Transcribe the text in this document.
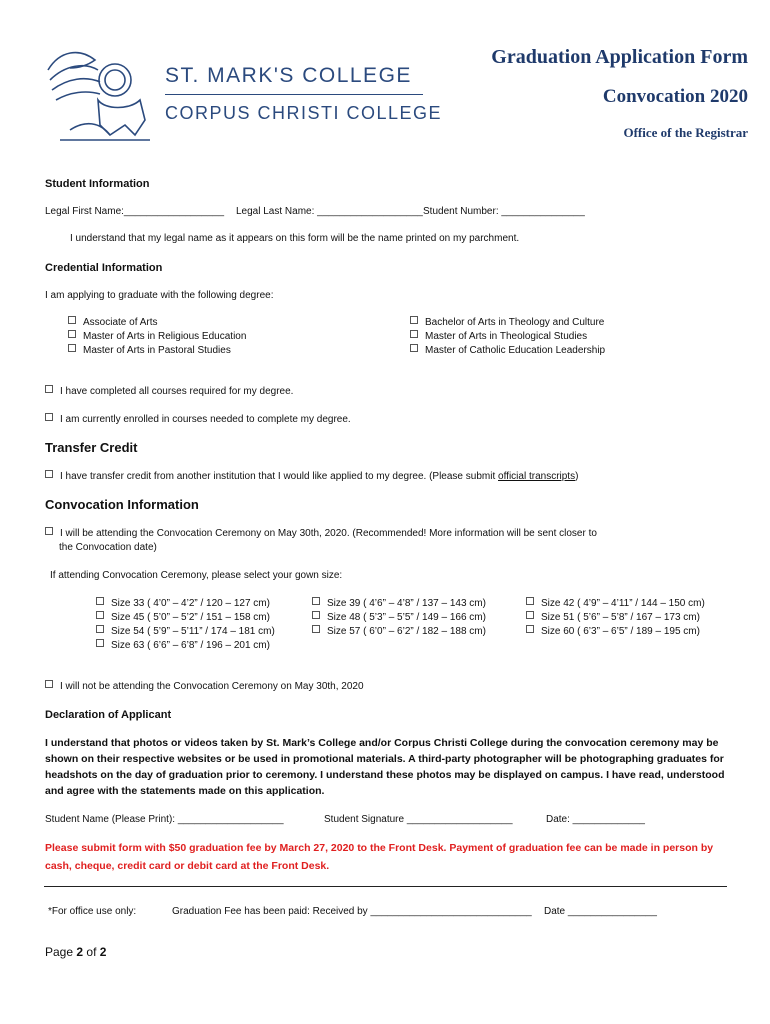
ST. MARK'S COLLEGE
CORPUS CHRISTI COLLEGE
Graduation Application Form
Convocation 2020
Office of the Registrar
Student Information
Legal First Name:__________________ Legal Last Name: ___________________ Student Number: _______________
I understand that my legal name as it appears on this form will be the name printed on my parchment.
Credential Information
I am applying to graduate with the following degree:
Associate of Arts
Master of Arts in Religious Education
Master of Arts in Pastoral Studies
Bachelor of Arts in Theology and Culture
Master of Arts in Theological Studies
Master of Catholic Education Leadership
I have completed all courses required for my degree.
I am currently enrolled in courses needed to complete my degree.
Transfer Credit
I have transfer credit from another institution that I would like applied to my degree. (Please submit official transcripts)
Convocation Information
I will be attending the Convocation Ceremony on May 30th, 2020. (Recommended! More information will be sent closer to
the Convocation date)
If attending Convocation Ceremony, please select your gown size:
Size 33 ( 4’0” – 4’2” / 120 – 127 cm)
Size 45 ( 5’0” – 5’2” / 151 – 158 cm)
Size 54 ( 5’9” – 5’11” / 174 – 181 cm)
Size 63 ( 6’6” – 6’8” / 196 – 201 cm)
Size 39 ( 4’6” – 4’8” / 137 – 143 cm)
Size 48 ( 5’3” – 5’5” / 149 – 166 cm)
Size 57 ( 6’0” – 6’2” / 182 – 188 cm)
Size 42 ( 4’9” – 4’11” / 144 – 150 cm)
Size 51 ( 5’6” – 5’8” / 167 – 173 cm)
Size 60 ( 6’3” – 6’5” / 189 – 195 cm)
I will not be attending the Convocation Ceremony on May 30th, 2020
Declaration of Applicant
I understand that photos or videos taken by St. Mark’s College and/or Corpus Christi College during the convocation ceremony may be shown on their respective websites or be used in promotional materials. A third-party photographer will be photographing graduates for headshots on the day of graduation prior to ceremony. I understand these photos may be displayed on campus. I have read, understood and agree with the statements made on this application.
Student Name (Please Print): ___________________	Student Signature ___________________	Date: _____________
Please submit form with $50 graduation fee by March 27, 2020 to the Front Desk. Payment of graduation fee can be made in person by cash, cheque, credit card or debit card at the Front Desk.
*For office use only:	Graduation Fee has been paid: Received by _____________________________ Date ________________
Page 2 of 2
